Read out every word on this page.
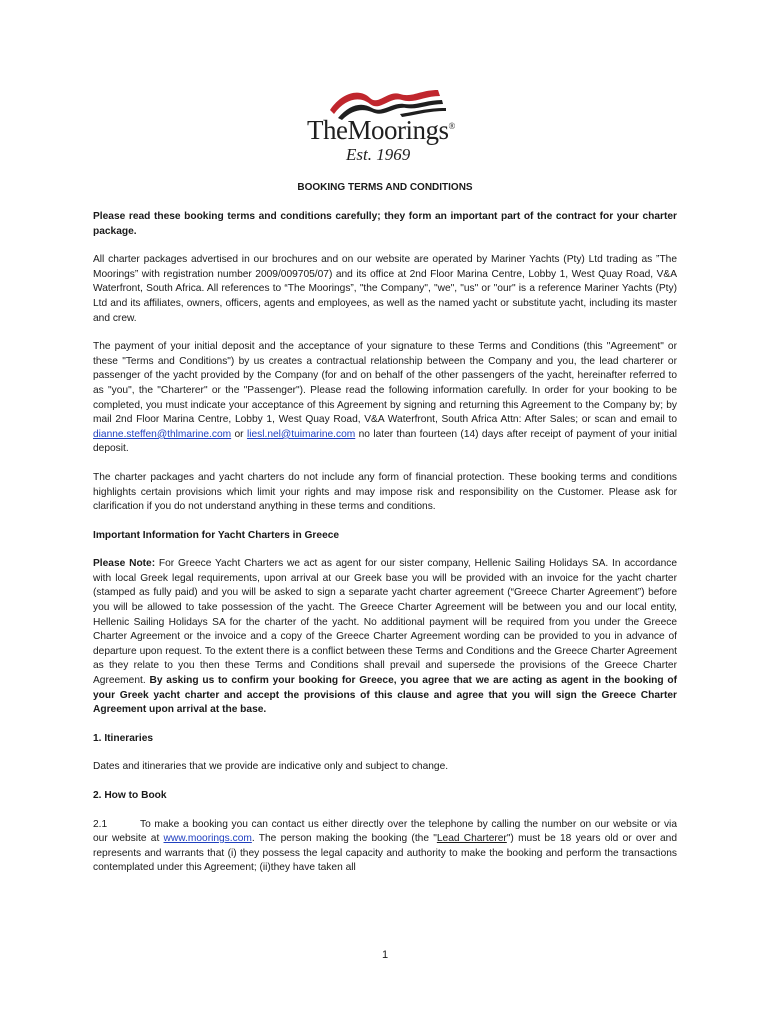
TheMoorings®
Est. 1969
BOOKING TERMS AND CONDITIONS

Please read these booking terms and conditions carefully; they form an important part of the contract for your charter package.

All charter packages advertised in our brochures and on our website are operated by Mariner Yachts (Pty) Ltd trading as ”The Moorings” with registration number 2009/009705/07) and its office at 2nd Floor Marina Centre, Lobby 1, West Quay Road, V&A Waterfront, South Africa. All references to “The Moorings”, "the Company", "we", "us" or "our" is a reference Mariner Yachts (Pty) Ltd and its affiliates, owners, officers, agents and employees, as well as the named yacht or substitute yacht, including its master and crew.

The payment of your initial deposit and the acceptance of your signature to these Terms and Conditions (this "Agreement" or these "Terms and Conditions") by us creates a contractual relationship between the Company and you, the lead charterer or passenger of the yacht provided by the Company (for and on behalf of the other passengers of the yacht, hereinafter referred to as "you", the "Charterer" or the "Passenger"). Please read the following information carefully. In order for your booking to be completed, you must indicate your acceptance of this Agreement by signing and returning this Agreement to the Company by; by mail 2nd Floor Marina Centre, Lobby 1, West Quay Road, V&A Waterfront, South Africa Attn: After Sales; or scan and email to dianne.steffen@thlmarine.com or liesl.nel@tuimarine.com no later than fourteen (14) days after receipt of payment of your initial deposit.

The charter packages and yacht charters do not include any form of financial protection. These booking terms and conditions highlights certain provisions which limit your rights and may impose risk and responsibility on the Customer. Please ask for clarification if you do not understand anything in these terms and conditions.

Important Information for Yacht Charters in Greece

Please Note: For Greece Yacht Charters we act as agent for our sister company, Hellenic Sailing Holidays SA. In accordance with local Greek legal requirements, upon arrival at our Greek base you will be provided with an invoice for the yacht charter (stamped as fully paid) and you will be asked to sign a separate yacht charter agreement (“Greece Charter Agreement”) before you will be allowed to take possession of the yacht. The Greece Charter Agreement will be between you and our local entity, Hellenic Sailing Holidays SA for the charter of the yacht. No additional payment will be required from you under the Greece Charter Agreement or the invoice and a copy of the Greece Charter Agreement wording can be provided to you in advance of departure upon request. To the extent there is a conflict between these Terms and Conditions and the Greece Charter Agreement as they relate to you then these Terms and Conditions shall prevail and supersede the provisions of the Greece Charter Agreement. By asking us to confirm your booking for Greece, you agree that we are acting as agent in the booking of your Greek yacht charter and accept the provisions of this clause and agree that you will sign the Greece Charter Agreement upon arrival at the base.

1. Itineraries

Dates and itineraries that we provide are indicative only and subject to change.

2. How to Book

2.1	To make a booking you can contact us either directly over the telephone by calling the number on our website or via our website at www.moorings.com. The person making the booking (the "Lead Charterer") must be 18 years old or over and represents and warrants that (i) they possess the legal capacity and authority to make the booking and perform the transactions contemplated under this Agreement; (ii)they have taken all

1
